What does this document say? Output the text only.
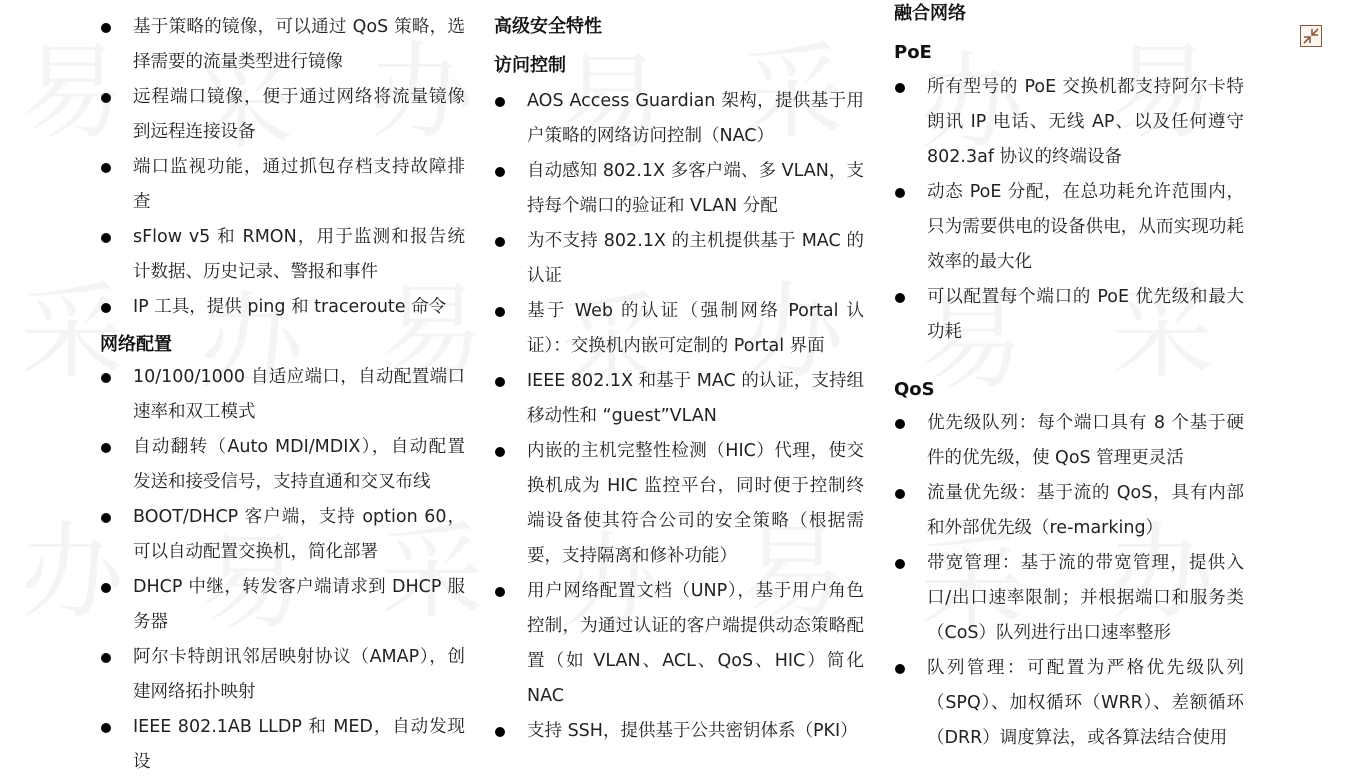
基于策略的镜像，可以通过 QoS 策略，选择需要的流量类型进行镜像
远程端口镜像，便于通过网络将流量镜像到远程连接设备
端口监视功能，通过抓包存档支持故障排查
sFlow v5 和 RMON，用于监测和报告统计数据、历史记录、警报和事件
IP 工具，提供 ping 和 traceroute 命令
网络配置
10/100/1000 自适应端口，自动配置端口速率和双工模式
自动翻转（Auto MDI/MDIX），自动配置发送和接受信号，支持直通和交叉布线
BOOT/DHCP 客户端，支持 option 60，可以自动配置交换机，简化部署
DHCP 中继，转发客户端请求到 DHCP 服务器
阿尔卡特朗讯邻居映射协议（AMAP），创建网络拓扑映射
IEEE 802.1AB LLDP 和 MED，自动发现设
高级安全特性
访问控制
AOS Access Guardian 架构，提供基于用户策略的网络访问控制（NAC）
自动感知 802.1X 多客户端、多 VLAN，支持每个端口的验证和 VLAN 分配
为不支持 802.1X 的主机提供基于 MAC 的认证
基于 Web 的认证（强制网络 Portal 认证）：交换机内嵌可定制的 Portal 界面
IEEE 802.1X 和基于 MAC 的认证，支持组移动性和 “guest”VLAN
内嵌的主机完整性检测（HIC）代理，使交换机成为 HIC 监控平台，同时便于控制终端设备使其符合公司的安全策略（根据需要，支持隔离和修补功能）
用户网络配置文档（UNP），基于用户角色控制，为通过认证的客户端提供动态策略配置（如 VLAN、ACL、QoS、HIC）简化 NAC
支持 SSH，提供基于公共密钥体系（PKI）
融合网络
PoE
所有型号的 PoE 交换机都支持阿尔卡特朗讯 IP 电话、无线 AP、以及任何遵守 802.3af 协议的终端设备
动态 PoE 分配，在总功耗允许范围内，只为需要供电的设备供电，从而实现功耗效率的最大化
可以配置每个端口的 PoE 优先级和最大功耗
QoS
优先级队列：每个端口具有 8 个基于硬件的优先级，使 QoS 管理更灵活
流量优先级：基于流的 QoS，具有内部和外部优先级（re-marking）
带宽管理：基于流的带宽管理，提供入口/出口速率限制；并根据端口和服务类（CoS）队列进行出口速率整形
队列管理：可配置为严格优先级队列（SPQ）、加权循环（WRR）、差额循环（DRR）调度算法，或各算法结合使用
